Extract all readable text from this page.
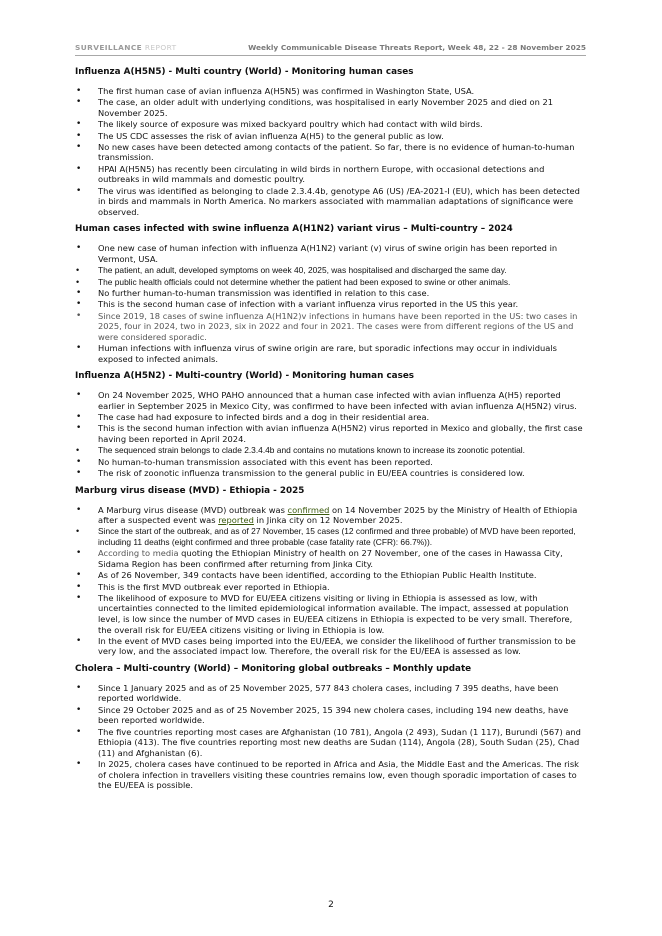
SURVEILLANCE REPORT	Weekly Communicable Disease Threats Report, Week 48, 22 - 28 November 2025
Influenza A(H5N5) - Multi country (World) - Monitoring human cases
• The first human case of avian influenza A(H5N5) was confirmed in Washington State, USA.
• The case, an older adult with underlying conditions, was hospitalised in early November 2025 and died on 21 November 2025.
• The likely source of exposure was mixed backyard poultry which had contact with wild birds.
• The US CDC assesses the risk of avian influenza A(H5) to the general public as low.
• No new cases have been detected among contacts of the patient. So far, there is no evidence of human-to-human transmission.
• HPAI A(H5N5) has recently been circulating in wild birds in northern Europe, with occasional detections and outbreaks in wild mammals and domestic poultry.
• The virus was identified as belonging to clade 2.3.4.4b, genotype A6 (US) /EA-2021-I (EU), which has been detected in birds and mammals in North America. No markers associated with mammalian adaptations of significance were observed.
Human cases infected with swine influenza A(H1N2) variant virus – Multi-country – 2024
• One new case of human infection with influenza A(H1N2) variant (v) virus of swine origin has been reported in Vermont, USA.
• The patient, an adult, developed symptoms on week 40, 2025, was hospitalised and discharged the same day.
• The public health officials could not determine whether the patient had been exposed to swine or other animals.
• No further human-to-human transmission was identified in relation to this case.
• This is the second human case of infection with a variant influenza virus reported in the US this year.
• Since 2019, 18 cases of swine influenza A(H1N2)v infections in humans have been reported in the US: two cases in 2025, four in 2024, two in 2023, six in 2022 and four in 2021. The cases were from different regions of the US and were considered sporadic.
• Human infections with influenza virus of swine origin are rare, but sporadic infections may occur in individuals exposed to infected animals.
Influenza A(H5N2) - Multi-country (World) - Monitoring human cases
• On 24 November 2025, WHO PAHO announced that a human case infected with avian influenza A(H5) reported earlier in September 2025 in Mexico City, was confirmed to have been infected with avian influenza A(H5N2) virus.
• The case had had exposure to infected birds and a dog in their residential area.
• This is the second human infection with avian influenza A(H5N2) virus reported in Mexico and globally, the first case having been reported in April 2024.
• The sequenced strain belongs to clade 2.3.4.4b and contains no mutations known to increase its zoonotic potential.
• No human-to-human transmission associated with this event has been reported.
• The risk of zoonotic influenza transmission to the general public in EU/EEA countries is considered low.
Marburg virus disease (MVD) - Ethiopia - 2025
• A Marburg virus disease (MVD) outbreak was confirmed on 14 November 2025 by the Ministry of Health of Ethiopia after a suspected event was reported in Jinka city on 12 November 2025.
• Since the start of the outbreak, and as of 27 November, 15 cases (12 confirmed and three probable) of MVD have been reported, including 11 deaths (eight confirmed and three probable (case fatality rate (CFR): 66.7%)).
• According to media quoting the Ethiopian Ministry of health on 27 November, one of the cases in Hawassa City, Sidama Region has been confirmed after returning from Jinka City.
• As of 26 November, 349 contacts have been identified, according to the Ethiopian Public Health Institute.
• This is the first MVD outbreak ever reported in Ethiopia.
• The likelihood of exposure to MVD for EU/EEA citizens visiting or living in Ethiopia is assessed as low, with uncertainties connected to the limited epidemiological information available. The impact, assessed at population level, is low since the number of MVD cases in EU/EEA citizens in Ethiopia is expected to be very small. Therefore, the overall risk for EU/EEA citizens visiting or living in Ethiopia is low.
• In the event of MVD cases being imported into the EU/EEA, we consider the likelihood of further transmission to be very low, and the associated impact low. Therefore, the overall risk for the EU/EEA is assessed as low.
Cholera – Multi-country (World) – Monitoring global outbreaks – Monthly update
• Since 1 January 2025 and as of 25 November 2025, 577 843 cholera cases, including 7 395 deaths, have been reported worldwide.
• Since 29 October 2025 and as of 25 November 2025, 15 394 new cholera cases, including 194 new deaths, have been reported worldwide.
• The five countries reporting most cases are Afghanistan (10 781), Angola (2 493), Sudan (1 117), Burundi (567) and Ethiopia (413). The five countries reporting most new deaths are Sudan (114), Angola (28), South Sudan (25), Chad (11) and Afghanistan (6).
• In 2025, cholera cases have continued to be reported in Africa and Asia, the Middle East and the Americas. The risk of cholera infection in travellers visiting these countries remains low, even though sporadic importation of cases to the EU/EEA is possible.
2
